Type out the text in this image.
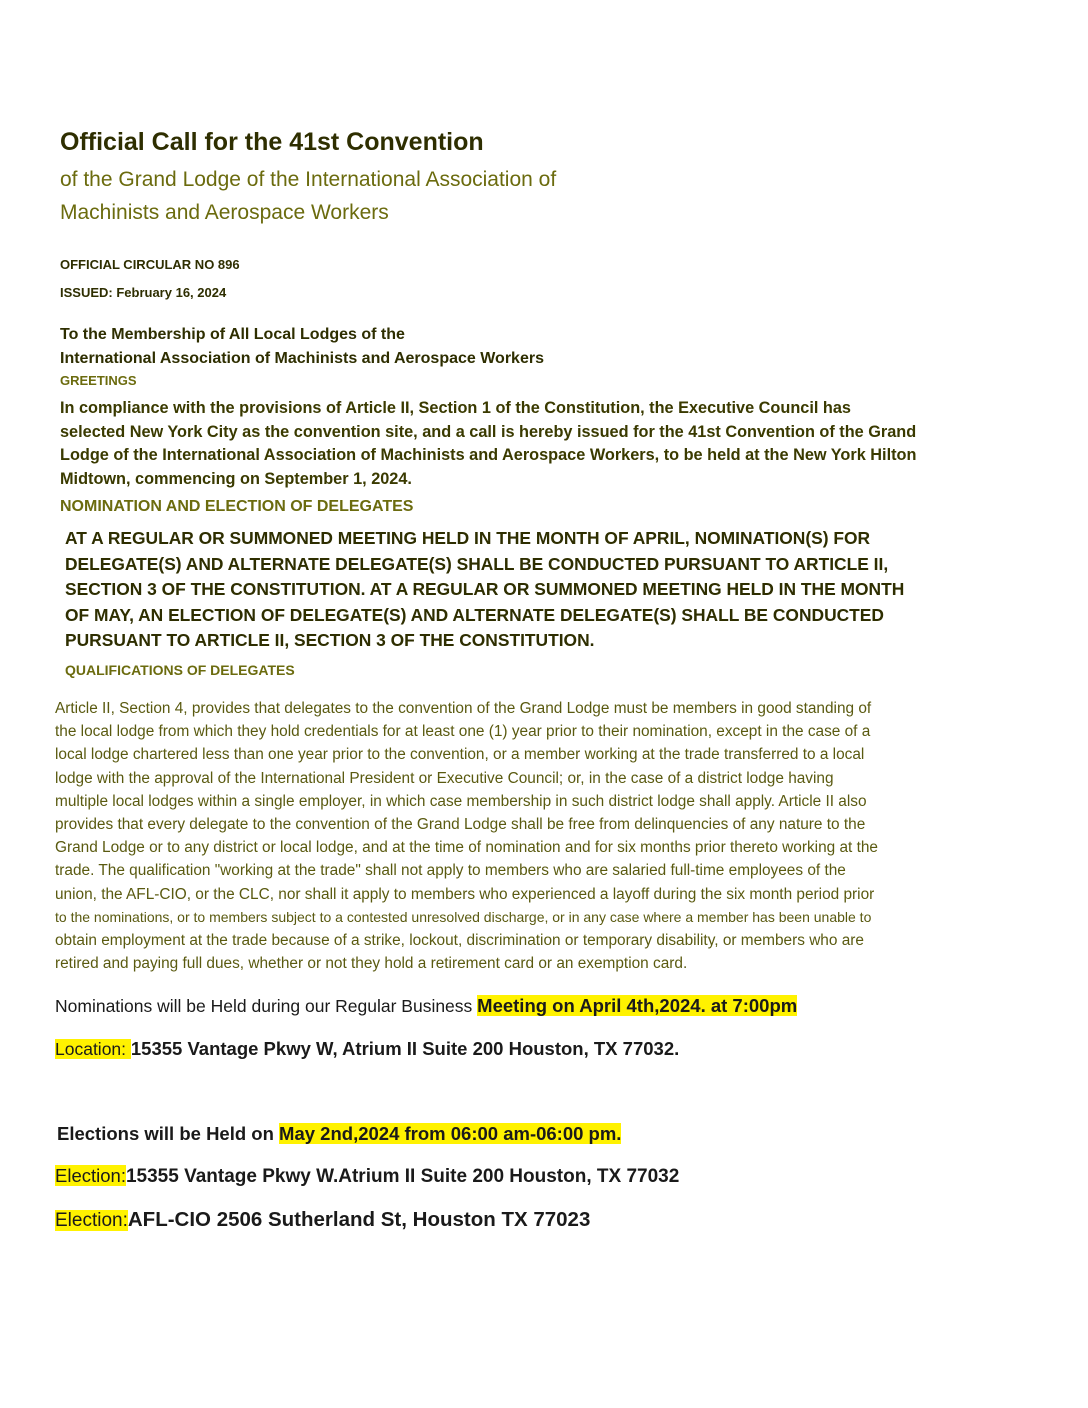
Official Call for the 41st Convention
of the Grand Lodge of the International Association of
Machinists and Aerospace Workers
OFFICIAL CIRCULAR NO 896
ISSUED: February 16, 2024
To the Membership of All Local Lodges of the
International Association of Machinists and Aerospace Workers
GREETINGS

In compliance with the provisions of Article II, Section 1 of the Constitution, the Executive Council has

selected New York City as the convention site, and a call is hereby issued for the 41st Convention of the Grand

Lodge of the International Association of Machinists and Aerospace Workers, to be held at the New York Hilton

Midtown, commencing on September 1, 2024.

NOMINATION AND ELECTION OF DELEGATES

AT A REGULAR OR SUMMONED MEETING HELD IN THE MONTH OF APRIL, NOMINATION(S) FOR

DELEGATE(S) AND ALTERNATE DELEGATE(S) SHALL BE CONDUCTED PURSUANT TO ARTICLE II,

SECTION 3 OF THE CONSTITUTION. AT A REGULAR OR SUMMONED MEETING HELD IN THE MONTH

OF MAY, AN ELECTION OF DELEGATE(S) AND ALTERNATE DELEGATE(S) SHALL BE CONDUCTED

PURSUANT TO ARTICLE II, SECTION 3 OF THE CONSTITUTION.

QUALIFICATIONS OF DELEGATES

Article II, Section 4, provides that delegates to the convention of the Grand Lodge must be members in good standing of

the local lodge from which they hold credentials for at least one (1) year prior to their nomination, except in the case of a

local lodge chartered less than one year prior to the convention, or a member working at the trade transferred to a local

lodge with the approval of the International President or Executive Council; or, in the case of a district lodge having

multiple local lodges within a single employer, in which case membership in such district lodge shall apply. Article II also

provides that every delegate to the convention of the Grand Lodge shall be free from delinquencies of any nature to the

Grand Lodge or to any district or local lodge, and at the time of nomination and for six months prior thereto working at the

trade. The qualification "working at the trade" shall not apply to members who are salaried full-time employees of the

union, the AFL-CIO, or the CLC, nor shall it apply to members who experienced a layoff during the six month period prior

to the nominations, or to members subject to a contested unresolved discharge, or in any case where a member has been unable to

obtain employment at the trade because of a strike, lockout, discrimination or temporary disability, or members who are

retired and paying full dues, whether or not they hold a retirement card or an exemption card.

Nominations will be Held during our Regular Business Meeting on April 4th,2024. at 7:00pm
Location: 15355 Vantage Pkwy W, Atrium II Suite 200 Houston, TX 77032.
Elections will be Held on May 2nd,2024 from 06:00 am-06:00 pm.
Election:15355 Vantage Pkwy W.Atrium II Suite 200 Houston, TX 77032
Election:AFL-CIO 2506 Sutherland St, Houston TX 77023
